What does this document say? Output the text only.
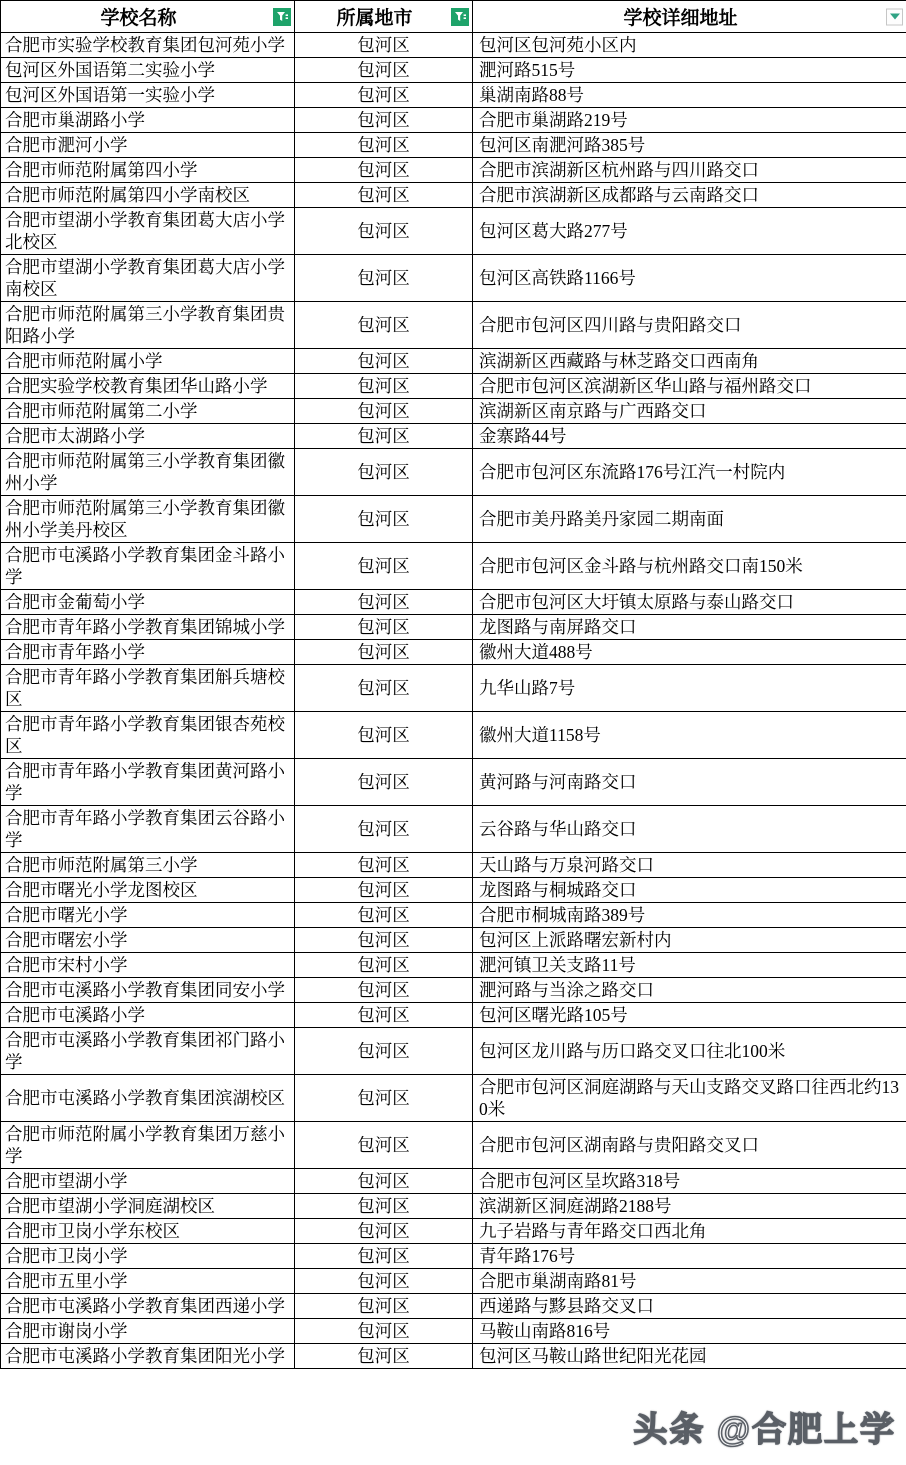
学校名称	所属地市	学校详细地址

合肥市实验学校教育集团包河苑小学	包河区	包河区包河苑小区内
包河区外国语第二实验小学	包河区	淝河路515号
包河区外国语第一实验小学	包河区	巢湖南路88号
合肥市巢湖路小学	包河区	合肥市巢湖路219号
合肥市淝河小学	包河区	包河区南淝河路385号
合肥市师范附属第四小学	包河区	合肥市滨湖新区杭州路与四川路交口
合肥市师范附属第四小学南校区	包河区	合肥市滨湖新区成都路与云南路交口
合肥市望湖小学教育集团葛大店小学北校区	包河区	包河区葛大路277号
合肥市望湖小学教育集团葛大店小学南校区	包河区	包河区高铁路1166号
合肥市师范附属第三小学教育集团贵阳路小学	包河区	合肥市包河区四川路与贵阳路交口
合肥市师范附属小学	包河区	滨湖新区西藏路与林芝路交口西南角
合肥实验学校教育集团华山路小学	包河区	合肥市包河区滨湖新区华山路与福州路交口
合肥市师范附属第二小学	包河区	滨湖新区南京路与广西路交口
合肥市太湖路小学	包河区	金寨路44号
合肥市师范附属第三小学教育集团徽州小学	包河区	合肥市包河区东流路176号江汽一村院内
合肥市师范附属第三小学教育集团徽州小学美丹校区	包河区	合肥市美丹路美丹家园二期南面
合肥市屯溪路小学教育集团金斗路小学	包河区	合肥市包河区金斗路与杭州路交口南150米
合肥市金葡萄小学	包河区	合肥市包河区大圩镇太原路与泰山路交口
合肥市青年路小学教育集团锦城小学	包河区	龙图路与南屏路交口
合肥市青年路小学	包河区	徽州大道488号
合肥市青年路小学教育集团斛兵塘校区	包河区	九华山路7号
合肥市青年路小学教育集团银杏苑校区	包河区	徽州大道1158号
合肥市青年路小学教育集团黄河路小学	包河区	黄河路与河南路交口
合肥市青年路小学教育集团云谷路小学	包河区	云谷路与华山路交口
合肥市师范附属第三小学	包河区	天山路与万泉河路交口
合肥市曙光小学龙图校区	包河区	龙图路与桐城路交口
合肥市曙光小学	包河区	合肥市桐城南路389号
合肥市曙宏小学	包河区	包河区上派路曙宏新村内
合肥市宋村小学	包河区	淝河镇卫关支路11号
合肥市屯溪路小学教育集团同安小学	包河区	淝河路与当涂之路交口
合肥市屯溪路小学	包河区	包河区曙光路105号
合肥市屯溪路小学教育集团祁门路小学	包河区	包河区龙川路与历口路交叉口往北100米
合肥市屯溪路小学教育集团滨湖校区	包河区	合肥市包河区洞庭湖路与天山支路交叉路口往西北约130米
合肥市师范附属小学教育集团万慈小学	包河区	合肥市包河区湖南路与贵阳路交叉口
合肥市望湖小学	包河区	合肥市包河区呈坎路318号
合肥市望湖小学洞庭湖校区	包河区	滨湖新区洞庭湖路2188号
合肥市卫岗小学东校区	包河区	九子岩路与青年路交口西北角
合肥市卫岗小学	包河区	青年路176号
合肥市五里小学	包河区	合肥市巢湖南路81号
合肥市屯溪路小学教育集团西递小学	包河区	西递路与黟县路交叉口
合肥市谢岗小学	包河区	马鞍山南路816号
合肥市屯溪路小学教育集团阳光小学	包河区	包河区马鞍山路世纪阳光花园
头条 @合肥上学
